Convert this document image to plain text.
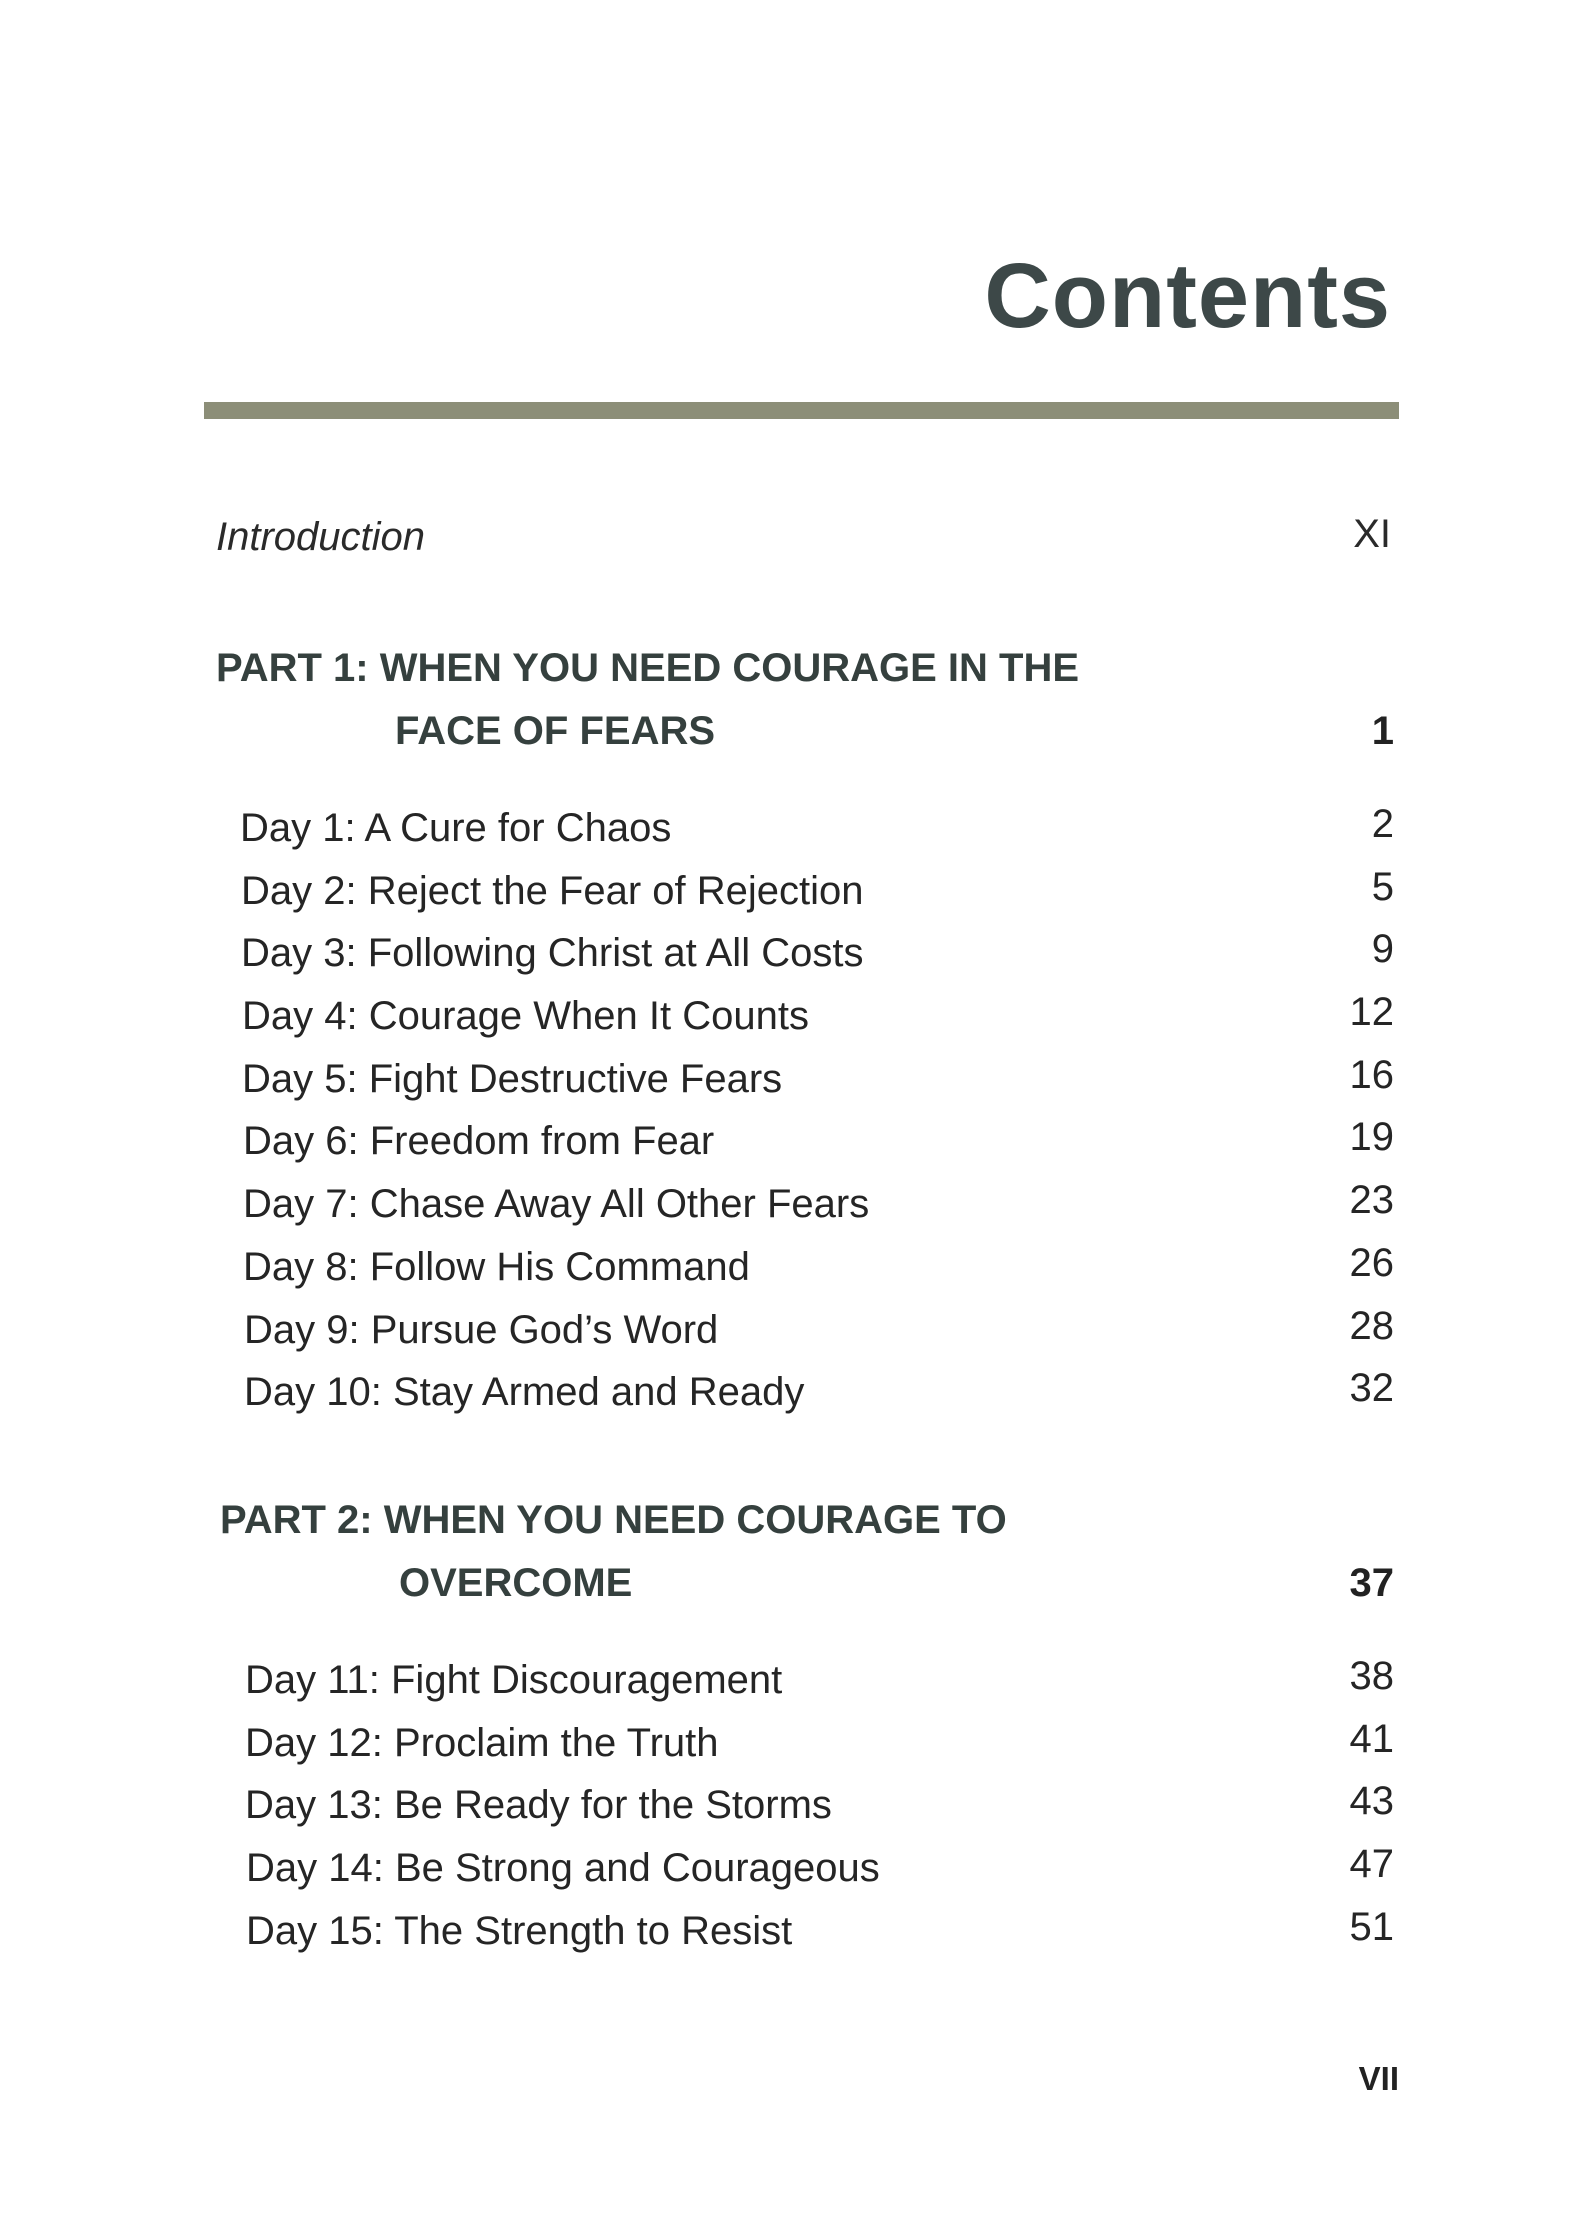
Contents
Introduction	XI
PART 1: WHEN YOU NEED COURAGE IN THE
FACE OF FEARS	1
Day 1: A Cure for Chaos	2
Day 2: Reject the Fear of Rejection	5
Day 3: Following Christ at All Costs	9
Day 4: Courage When It Counts	12
Day 5: Fight Destructive Fears	16
Day 6: Freedom from Fear	19
Day 7: Chase Away All Other Fears	23
Day 8: Follow His Command	26
Day 9: Pursue God’s Word	28
Day 10: Stay Armed and Ready	32
PART 2: WHEN YOU NEED COURAGE TO
OVERCOME	37
Day 11: Fight Discouragement	38
Day 12: Proclaim the Truth	41
Day 13: Be Ready for the Storms	43
Day 14: Be Strong and Courageous	47
Day 15: The Strength to Resist	51
VII
